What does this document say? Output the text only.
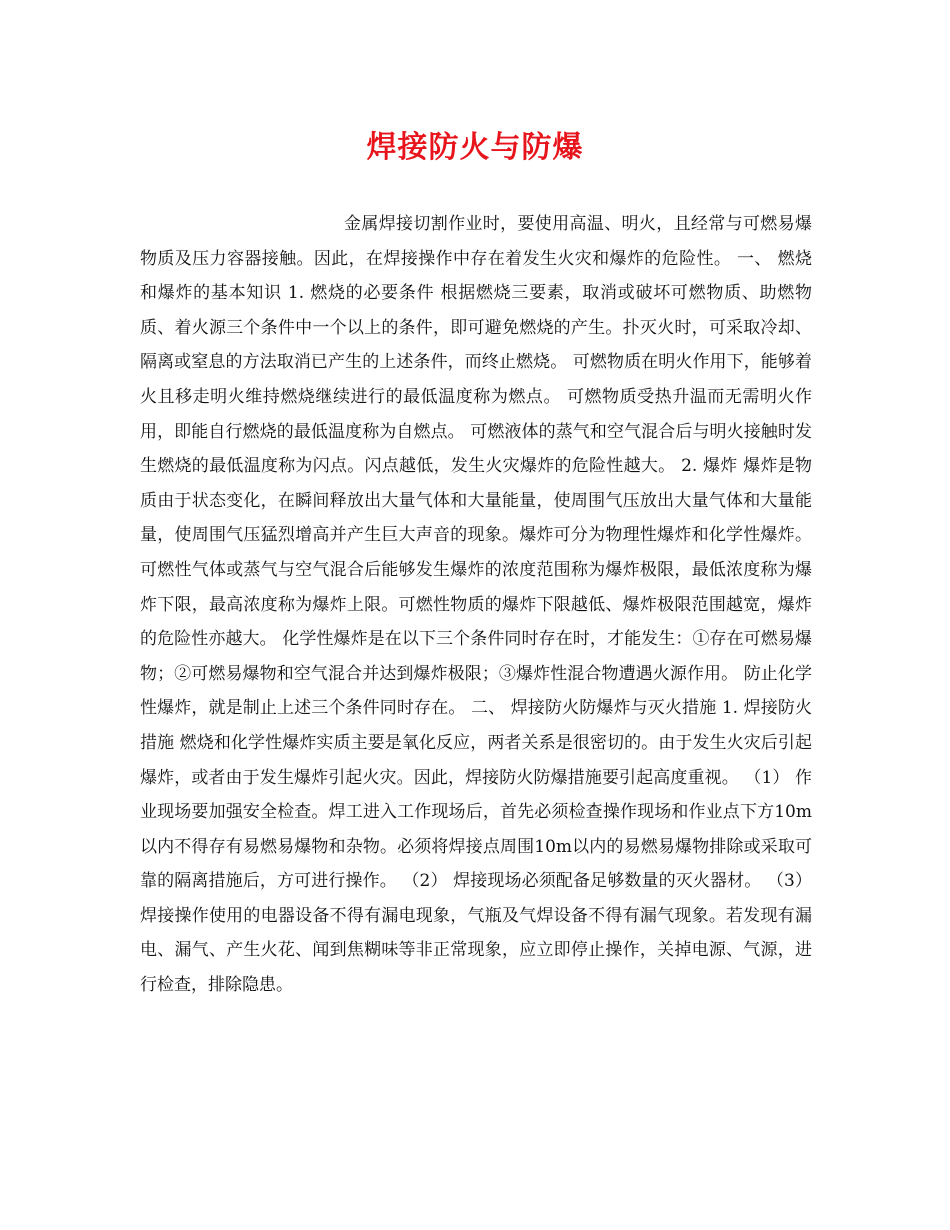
焊接防火与防爆

金属焊接切割作业时，要使用高温、明火，且经常与可燃易爆物质及压力容器接触。因此，在焊接操作中存在着发生火灾和爆炸的危险性。 一、 燃烧和爆炸的基本知识 1. 燃烧的必要条件 根据燃烧三要素，取消或破坏可燃物质、助燃物质、着火源三个条件中一个以上的条件，即可避免燃烧的产生。扑灭火时，可采取冷却、隔离或窒息的方法取消已产生的上述条件，而终止燃烧。 可燃物质在明火作用下，能够着火且移走明火维持燃烧继续进行的最低温度称为燃点。 可燃物质受热升温而无需明火作用，即能自行燃烧的最低温度称为自燃点。 可燃液体的蒸气和空气混合后与明火接触时发生燃烧的最低温度称为闪点。闪点越低，发生火灾爆炸的危险性越大。 2. 爆炸 爆炸是物质由于状态变化，在瞬间释放出大量气体和大量能量，使周围气压放出大量气体和大量能量，使周围气压猛烈增高并产生巨大声音的现象。爆炸可分为物理性爆炸和化学性爆炸。 可燃性气体或蒸气与空气混合后能够发生爆炸的浓度范围称为爆炸极限，最低浓度称为爆炸下限，最高浓度称为爆炸上限。可燃性物质的爆炸下限越低、爆炸极限范围越宽，爆炸的危险性亦越大。 化学性爆炸是在以下三个条件同时存在时，才能发生：①存在可燃易爆物；②可燃易爆物和空气混合并达到爆炸极限；③爆炸性混合物遭遇火源作用。 防止化学性爆炸，就是制止上述三个条件同时存在。 二、 焊接防火防爆炸与灭火措施 1. 焊接防火措施 燃烧和化学性爆炸实质主要是氧化反应，两者关系是很密切的。由于发生火灾后引起爆炸，或者由于发生爆炸引起火灾。因此，焊接防火防爆措施要引起高度重视。 （1） 作业现场要加强安全检查。焊工进入工作现场后，首先必须检查操作现场和作业点下方10m以内不得存有易燃易爆物和杂物。必须将焊接点周围10m以内的易燃易爆物排除或采取可靠的隔离措施后，方可进行操作。 （2） 焊接现场必须配备足够数量的灭火器材。 （3） 焊接操作使用的电器设备不得有漏电现象，气瓶及气焊设备不得有漏气现象。若发现有漏电、漏气、产生火花、闻到焦糊味等非正常现象，应立即停止操作，关掉电源、气源，进行检查，排除隐患。
